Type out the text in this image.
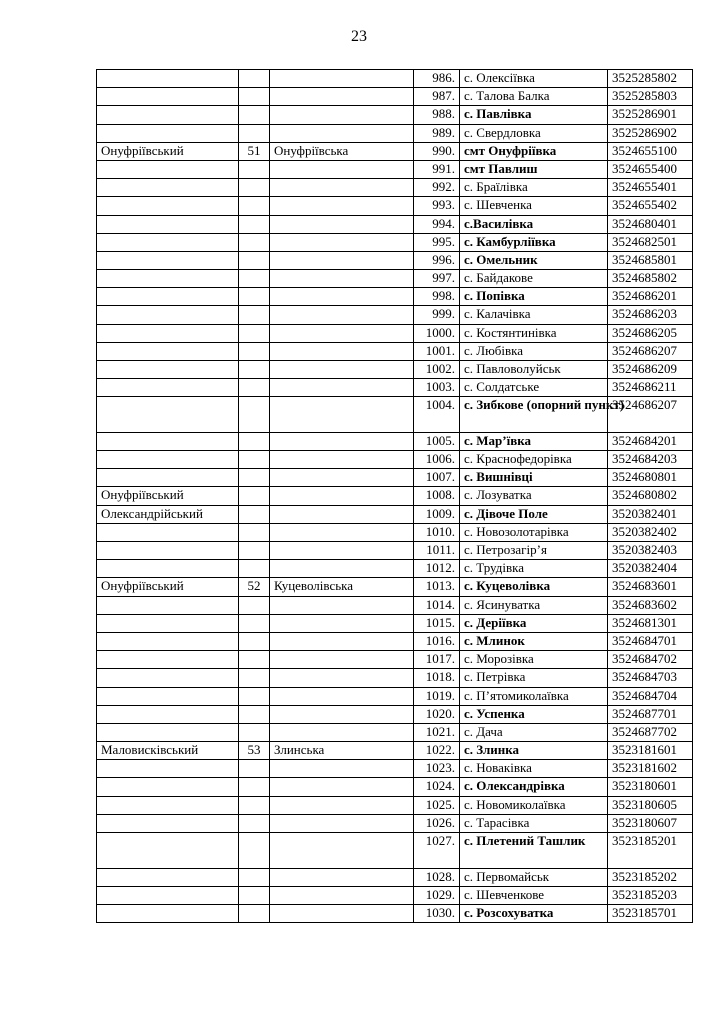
23
			986.	с. Олексіївка	3525285802
			987.	с. Талова Балка	3525285803
			988.	с. Павлівка	3525286901
			989.	с. Свердловка	3525286902
Онуфріївський	51	Онуфріївська	990.	смт Онуфріївка	3524655100
			991.	смт Павлиш	3524655400
			992.	с. Браїлівка	3524655401
			993.	с. Шевченка	3524655402
			994.	с.Василівка	3524680401
			995.	с. Камбурліївка	3524682501
			996.	с. Омельник	3524685801
			997.	с. Байдакове	3524685802
			998.	с. Попівка	3524686201
			999.	с. Калачівка	3524686203
			1000.	с. Костянтинівка	3524686205
			1001.	с. Любівка	3524686207
			1002.	с. Павловолуйськ	3524686209
			1003.	с. Солдатське	3524686211
			1004.	с. Зибкове (опорний пункт)	3524686207
			1005.	с. Мар’ївка	3524684201
			1006.	с. Краснофедорівка	3524684203
			1007.	с. Вишнівці	3524680801
Онуфріївський			1008.	с. Лозуватка	3524680802
Олександрійський			1009.	с. Дівоче Поле	3520382401
			1010.	с. Новозолотарівка	3520382402
			1011.	с. Петрозагір’я	3520382403
			1012.	с. Трудівка	3520382404
Онуфріївський	52	Куцеволівська	1013.	с. Куцеволівка	3524683601
			1014.	с. Ясинуватка	3524683602
			1015.	с. Деріївка	3524681301
			1016.	с. Млинок	3524684701
			1017.	с. Морозівка	3524684702
			1018.	с. Петрівка	3524684703
			1019.	с. П’ятомиколаївка	3524684704
			1020.	с. Успенка	3524687701
			1021.	с. Дача	3524687702
Маловисківський	53	Злинська	1022.	с. Злинка	3523181601
			1023.	с. Новаківка	3523181602
			1024.	с. Олександрівка	3523180601
			1025.	с. Новомиколаївка	3523180605
			1026.	с. Тарасівка	3523180607
			1027.	с. Плетений Ташлик	3523185201
			1028.	с. Первомайськ	3523185202
			1029.	с. Шевченкове	3523185203
			1030.	с. Розсохуватка	3523185701
